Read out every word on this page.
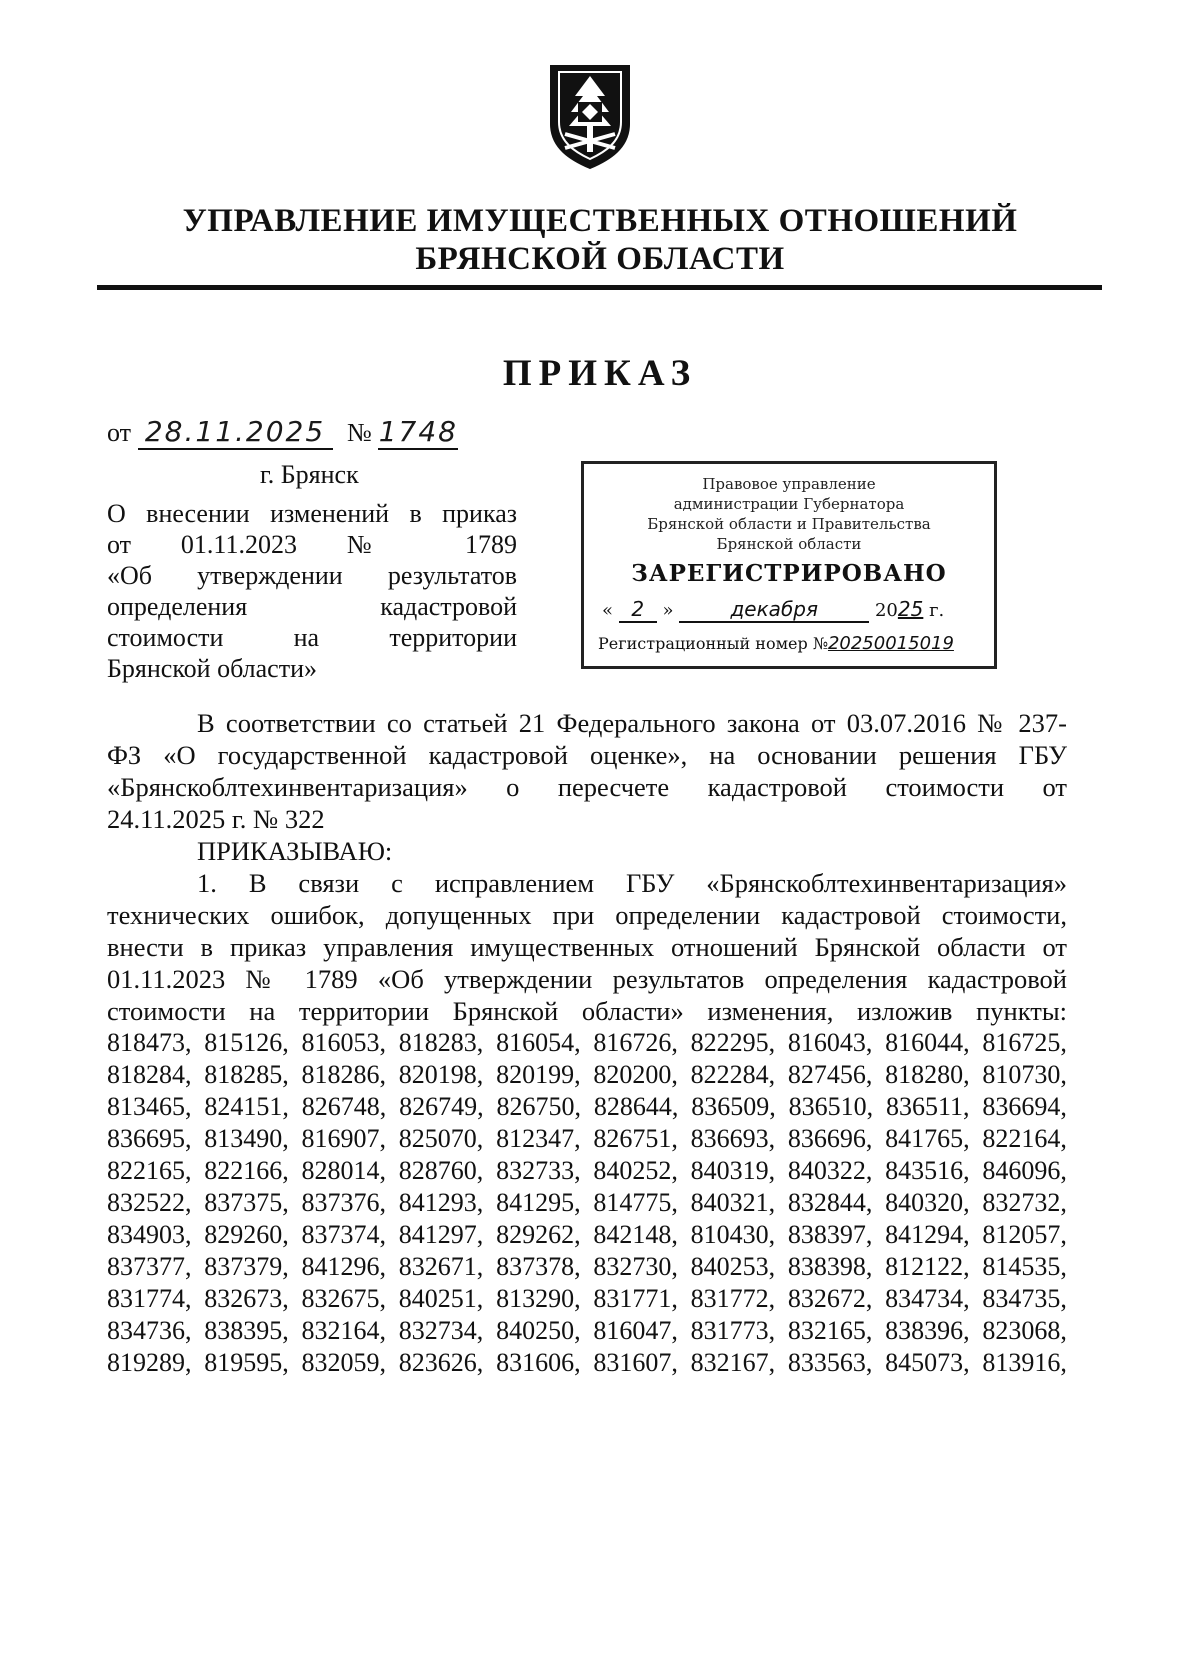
УПРАВЛЕНИЕ ИМУЩЕСТВЕННЫХ ОТНОШЕНИЙ
БРЯНСКОЙ ОБЛАСТИ
ПРИКАЗ
от 28.11.2025 № 1748
г. Брянск	Правовое управление
администрации Губернатора
Брянской области и Правительства
Брянской области
ЗАРЕГИСТРИРОВАНО
« 2 »	декабря	2025 г.
Регистрационный номер №20250015019
О внесении изменений в приказ
от 01.11.2023 № 1789
«Об утверждении результатов
определения кадастровой
стоимости на территории
Брянской области»
В соответствии со статьей 21 Федерального закона от 03.07.2016 № 237-
ФЗ «О государственной кадастровой оценке», на основании решения ГБУ
«Брянскоблтехинвентаризация» о пересчете кадастровой стоимости от
24.11.2025 г. № 322
ПРИКАЗЫВАЮ:
1. В связи с исправлением ГБУ «Брянскоблтехинвентаризация»
технических ошибок, допущенных при определении кадастровой стоимости,
внести в приказ управления имущественных отношений Брянской области от
01.11.2023 № 1789 «Об утверждении результатов определения кадастровой
стоимости на территории Брянской области» изменения, изложив пункты:
818473, 815126, 816053, 818283, 816054, 816726, 822295, 816043, 816044, 816725,
818284, 818285, 818286, 820198, 820199, 820200, 822284, 827456, 818280, 810730,
813465, 824151, 826748, 826749, 826750, 828644, 836509, 836510, 836511, 836694,
836695, 813490, 816907, 825070, 812347, 826751, 836693, 836696, 841765, 822164,
822165, 822166, 828014, 828760, 832733, 840252, 840319, 840322, 843516, 846096,
832522, 837375, 837376, 841293, 841295, 814775, 840321, 832844, 840320, 832732,
834903, 829260, 837374, 841297, 829262, 842148, 810430, 838397, 841294, 812057,
837377, 837379, 841296, 832671, 837378, 832730, 840253, 838398, 812122, 814535,
831774, 832673, 832675, 840251, 813290, 831771, 831772, 832672, 834734, 834735,
834736, 838395, 832164, 832734, 840250, 816047, 831773, 832165, 838396, 823068,
819289, 819595, 832059, 823626, 831606, 831607, 832167, 833563, 845073, 813916,
